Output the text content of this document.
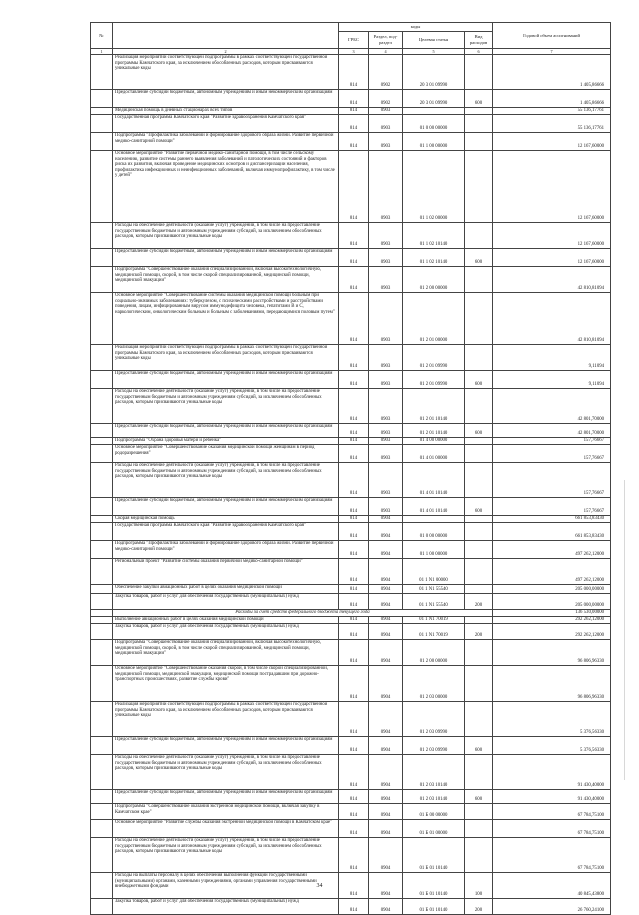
№		коды				Годовой объем ассигнований
		ГРБС	Раздел, под-раздел	Целевая статья	Вид расходов	
1	2	3	4	5	6	7
	Реализация мероприятий соответствующей подпрограммы в рамках соответствующей государственной программы Камчатского края, за исключением обособленных расходов, которым присваиваются уникальные коды	814	0902	20 3 01 09990		1 405,86666
	Предоставление субсидий бюджетным, автономным учреждениям и иным некоммерческим организациям	814	0902	20 3 01 09990	600	1 405,86666
	Медицинская помощь в дневных стационарах всех типов	814	0903			55 136,17761
	Государственная программа Камчатского края "Развитие здравоохранения Камчатского края"	814	0903	01 0 00 00000		55 136,17761
	Подпрограмма "Профилактика заболеваний и формирование здорового образа жизни. Развитие первичной медико-санитарной помощи"	814	0903	01 1 00 00000		12 167,60000
	Основное мероприятие "Развитие первичной медико-санитарной помощи, в том числе сельскому населению, развитие системы раннего выявления заболеваний и патологических состояний и факторов риска их развития, включая проведение медицинских осмотров и диспансеризации населения, профилактика инфекционных и неинфекционных заболеваний, включая иммунопрофилактику, в том числе у детей"	814	0903	01 1 02 00000		12 167,60000
	Расходы на обеспечение деятельности (оказание услуг) учреждений, в том числе на предоставление государственным бюджетным и автономным учреждениям субсидий, за исключением обособленных расходов, которым присваиваются уникальные коды	814	0903	01 1 02 10140		12 167,60000
	Предоставление субсидий бюджетным, автономным учреждениям и иным некоммерческим организациям	814	0903	01 1 02 10140	600	12 167,60000
	Подпрограмма "Совершенствование оказания специализированной, включая высокотехнологичную, медицинской помощи, скорой, в том числе скорой специализированной, медицинской помощи, медицинской эвакуации"	814	0903	01 2 00 00000		42 810,81094
	Основное мероприятие "Совершенствование системы оказания медицинской помощи больным при социально-значимых заболеваниях: туберкулезом, с психическими расстройствами и расстройствами поведения, лицам, инфицированным вирусом иммунодефицита человека, гепатитами В и С, наркологическим, онкологическим больным и больным с заболеваниями, передающимися половым путем"	814	0903	01 2 01 00000		42 810,81094
	Реализация мероприятий соответствующей подпрограммы в рамках соответствующей государственной программы Камчатского края, за исключением обособленных расходов, которым присваиваются уникальные коды	814	0903	01 2 01 09990		9,11094
	Предоставление субсидий бюджетным, автономным учреждениям и иным некоммерческим организациям	814	0903	01 2 01 09990	600	9,11094
	Расходы на обеспечение деятельности (оказание услуг) учреждений, в том числе на предоставление государственным бюджетным и автономным учреждениям субсидий, за исключением обособленных расходов, которым присваиваются уникальные коды	814	0903	01 2 01 10140		42 801,70000
	Предоставление субсидий бюджетным, автономным учреждениям и иным некоммерческим организациям	814	0903	01 2 01 10140	600	42 801,70000
	Подпрограмма "Охрана здоровья матери и ребенка"	814	0903	01 4 00 00000		157,76667
	Основное мероприятие "Совершенствование оказания медицинской помощи женщинам в период родоразрешения"	814	0903	01 4 01 00000		157,76667
	Расходы на обеспечение деятельности (оказание услуг) учреждений, в том числе на предоставление государственным бюджетным и автономным учреждениям субсидий, за исключением обособленных расходов, которым присваиваются уникальные коды	814	0903	01 4 01 10140		157,76667
	Предоставление субсидий бюджетным, автономным учреждениям и иным некоммерческим организациям	814	0903	01 4 01 10140	600	157,76667
	Скорая медицинская помощь	814	0904			661 853,83430
	Государственная программа Камчатского края "Развитие здравоохранения Камчатского края"	814	0904	01 0 00 00000		661 853,83430
	Подпрограмма "Профилактика заболеваний и формирование здорового образа жизни. Развитие первичной медико-санитарной помощи"	814	0904	01 1 00 00000		497 262,12000
	Региональный проект "Развитие системы оказания первичной медико-санитарной помощи"	814	0904	01 1 N1 00000		497 262,12000
	Обеспечение закупки авиационных работ в целях оказания медицинской помощи	814	0904	01 1 N1 55540		205 000,00000
	Закупка товаров, работ и услуг для обеспечения государственных (муниципальных) нужд	814	0904	01 1 N1 55540	200	205 000,00000
	Расходы за счет средств федерального бюджета текущего года					136 530,00000
	Выполнение авиационных работ в целях оказания медицинской помощи	814	0904	01 1 N1 70019		292 262,12000
	Закупка товаров, работ и услуг для обеспечения государственных (муниципальных) нужд	814	0904	01 1 N1 70019	200	292 262,12000
	Подпрограмма "Совершенствование оказания специализированной, включая высокотехнологичную, медицинской помощи, скорой, в том числе скорой специализированной, медицинской помощи, медицинской эвакуации"	814	0904	01 2 00 00000		96 806,96330
	Основное мероприятие "Совершенствование оказания скорой, в том числе скорой специализированной, медицинской помощи, медицинской эвакуации, медицинской помощи пострадавшим при дорожно-транспортных происшествиях, развитие службы крови"	814	0904	01 2 03 00000		96 806,96330
	Реализация мероприятий соответствующей подпрограммы в рамках соответствующей государственной программы Камчатского края, за исключением обособленных расходов, которым присваиваются уникальные коды	814	0904	01 2 03 09990		5 376,56330
	Предоставление субсидий бюджетным, автономным учреждениям и иным некоммерческим организациям	814	0904	01 2 03 09990	600	5 376,56330
	Расходы на обеспечение деятельности (оказание услуг) учреждений, в том числе на предоставление государственным бюджетным и автономным учреждениям субсидий, за исключением обособленных расходов, которым присваиваются уникальные коды	814	0904	01 2 03 10140		91 430,40000
	Предоставление субсидий бюджетным, автономным учреждениям и иным некоммерческим организациям	814	0904	01 2 03 10140	600	91 430,40000
	Подпрограмма "Совершенствование оказания экстренной медицинской помощи, включая закупку в Камчатском крае"	814	0904	01 Б 00 00000		67 784,75100
	Основное мероприятие "Развитие службы оказания экстренной медицинской помощи в Камчатском крае"	814	0904	01 Б 01 00000		67 784,75100
	Расходы на обеспечение деятельности (оказание услуг) учреждений, в том числе на предоставление государственным бюджетным и автономным учреждениям субсидий, за исключением обособленных расходов, которым присваиваются уникальные коды	814	0904	01 Б 01 10140		67 784,75100
	Расходы на выплаты персоналу в целях обеспечения выполнения функций государственными (муниципальными) органами, казенными учреждениями, органами управления государственными внебюджетными фондами	814	0904	01 Б 01 10140	100	40 845,43800
	Закупка товаров, работ и услуг для обеспечения государственных (муниципальных) нужд	814	0904	01 Б 01 10140	200	26 760,24100
34
